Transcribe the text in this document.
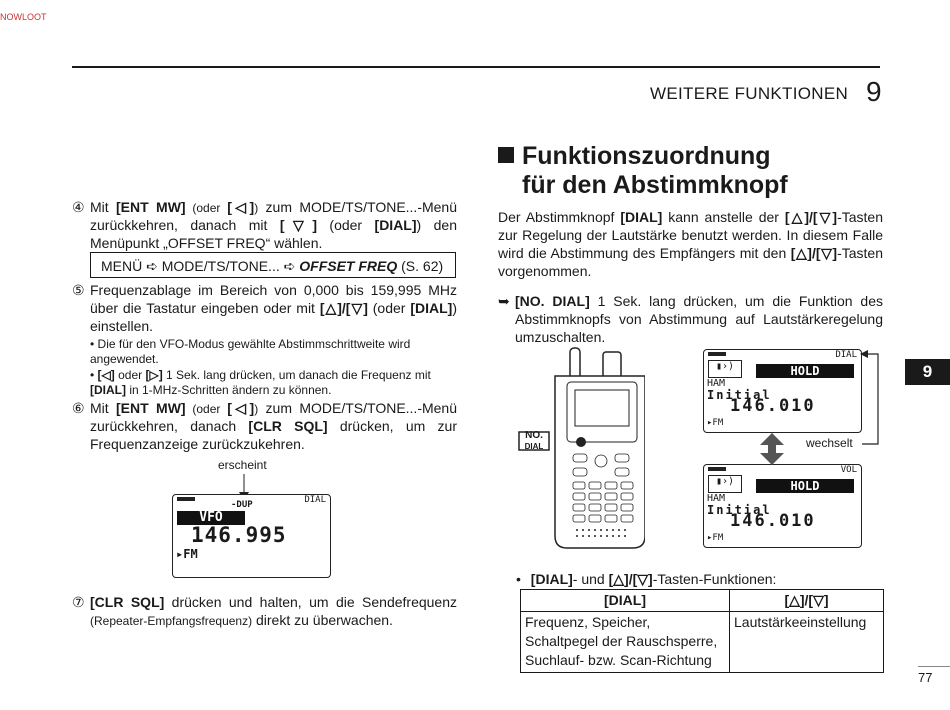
NOWLOOT
WEITERE FUNKTIONEN 9
9
Funktionszuordnung
für den Abstimmknopf
Der Abstimmknopf [DIAL] kann anstelle der [△]/[▽]-Tasten zur Regelung der Lautstärke benutzt werden. In diesem Falle wird die Abstimmung des Empfängers mit den [△]/[▽]-Tasten vorgenommen.
➥ [NO. DIAL] 1 Sek. lang drücken, um die Funktion des Abstimmknopfs von Abstimmung auf Lautstärkeregelung umzuschalten.
NO.
DIAL
DIAL
▮›)	HOLD
HAM
Initial
146.010
▸FM
VOL
▮›)	HOLD
HAM
Initial
146.010
▸FM
wechselt
• [DIAL]- und [△]/[▽]-Tasten-Funktionen:
[DIAL]	[△]/[▽]
Frequenz, Speicher, Schaltpegel der Rauschsperre, Suchlauf- bzw. Scan-Richtung	Lautstärkeeinstellung
④ Mit [ENT MW] (oder [◁]) zum MODE/TS/TONE...-Menü zurückkehren, danach mit [▽] (oder [DIAL]) den Menüpunkt „OFFSET FREQ“ wählen.
MENÜ ➪ MODE/TS/TONE... ➪ OFFSET FREQ (S. 62)
⑤ Frequenzablage im Bereich von 0,000 bis 159,995 MHz über die Tastatur eingeben oder mit [△]/[▽] (oder [DIAL]) einstellen.
• Die für den VFO-Modus gewählte Abstimmschrittweite wird angewendet.
• [◁] oder [▷] 1 Sek. lang drücken, um danach die Frequenz mit [DIAL] in 1-MHz-Schritten ändern zu können.
⑥ Mit [ENT MW] (oder [◁]) zum MODE/TS/TONE...-Menü zurückkehren, danach [CLR SQL] drücken, um zur Frequenzanzeige zurückzukehren.
erscheint
-DUP	DIAL
VFO
146.995
▸FM
⑦ [CLR SQL] drücken und halten, um die Sendefrequenz (Repeater-Empfangsfrequenz) direkt zu überwachen.
77
